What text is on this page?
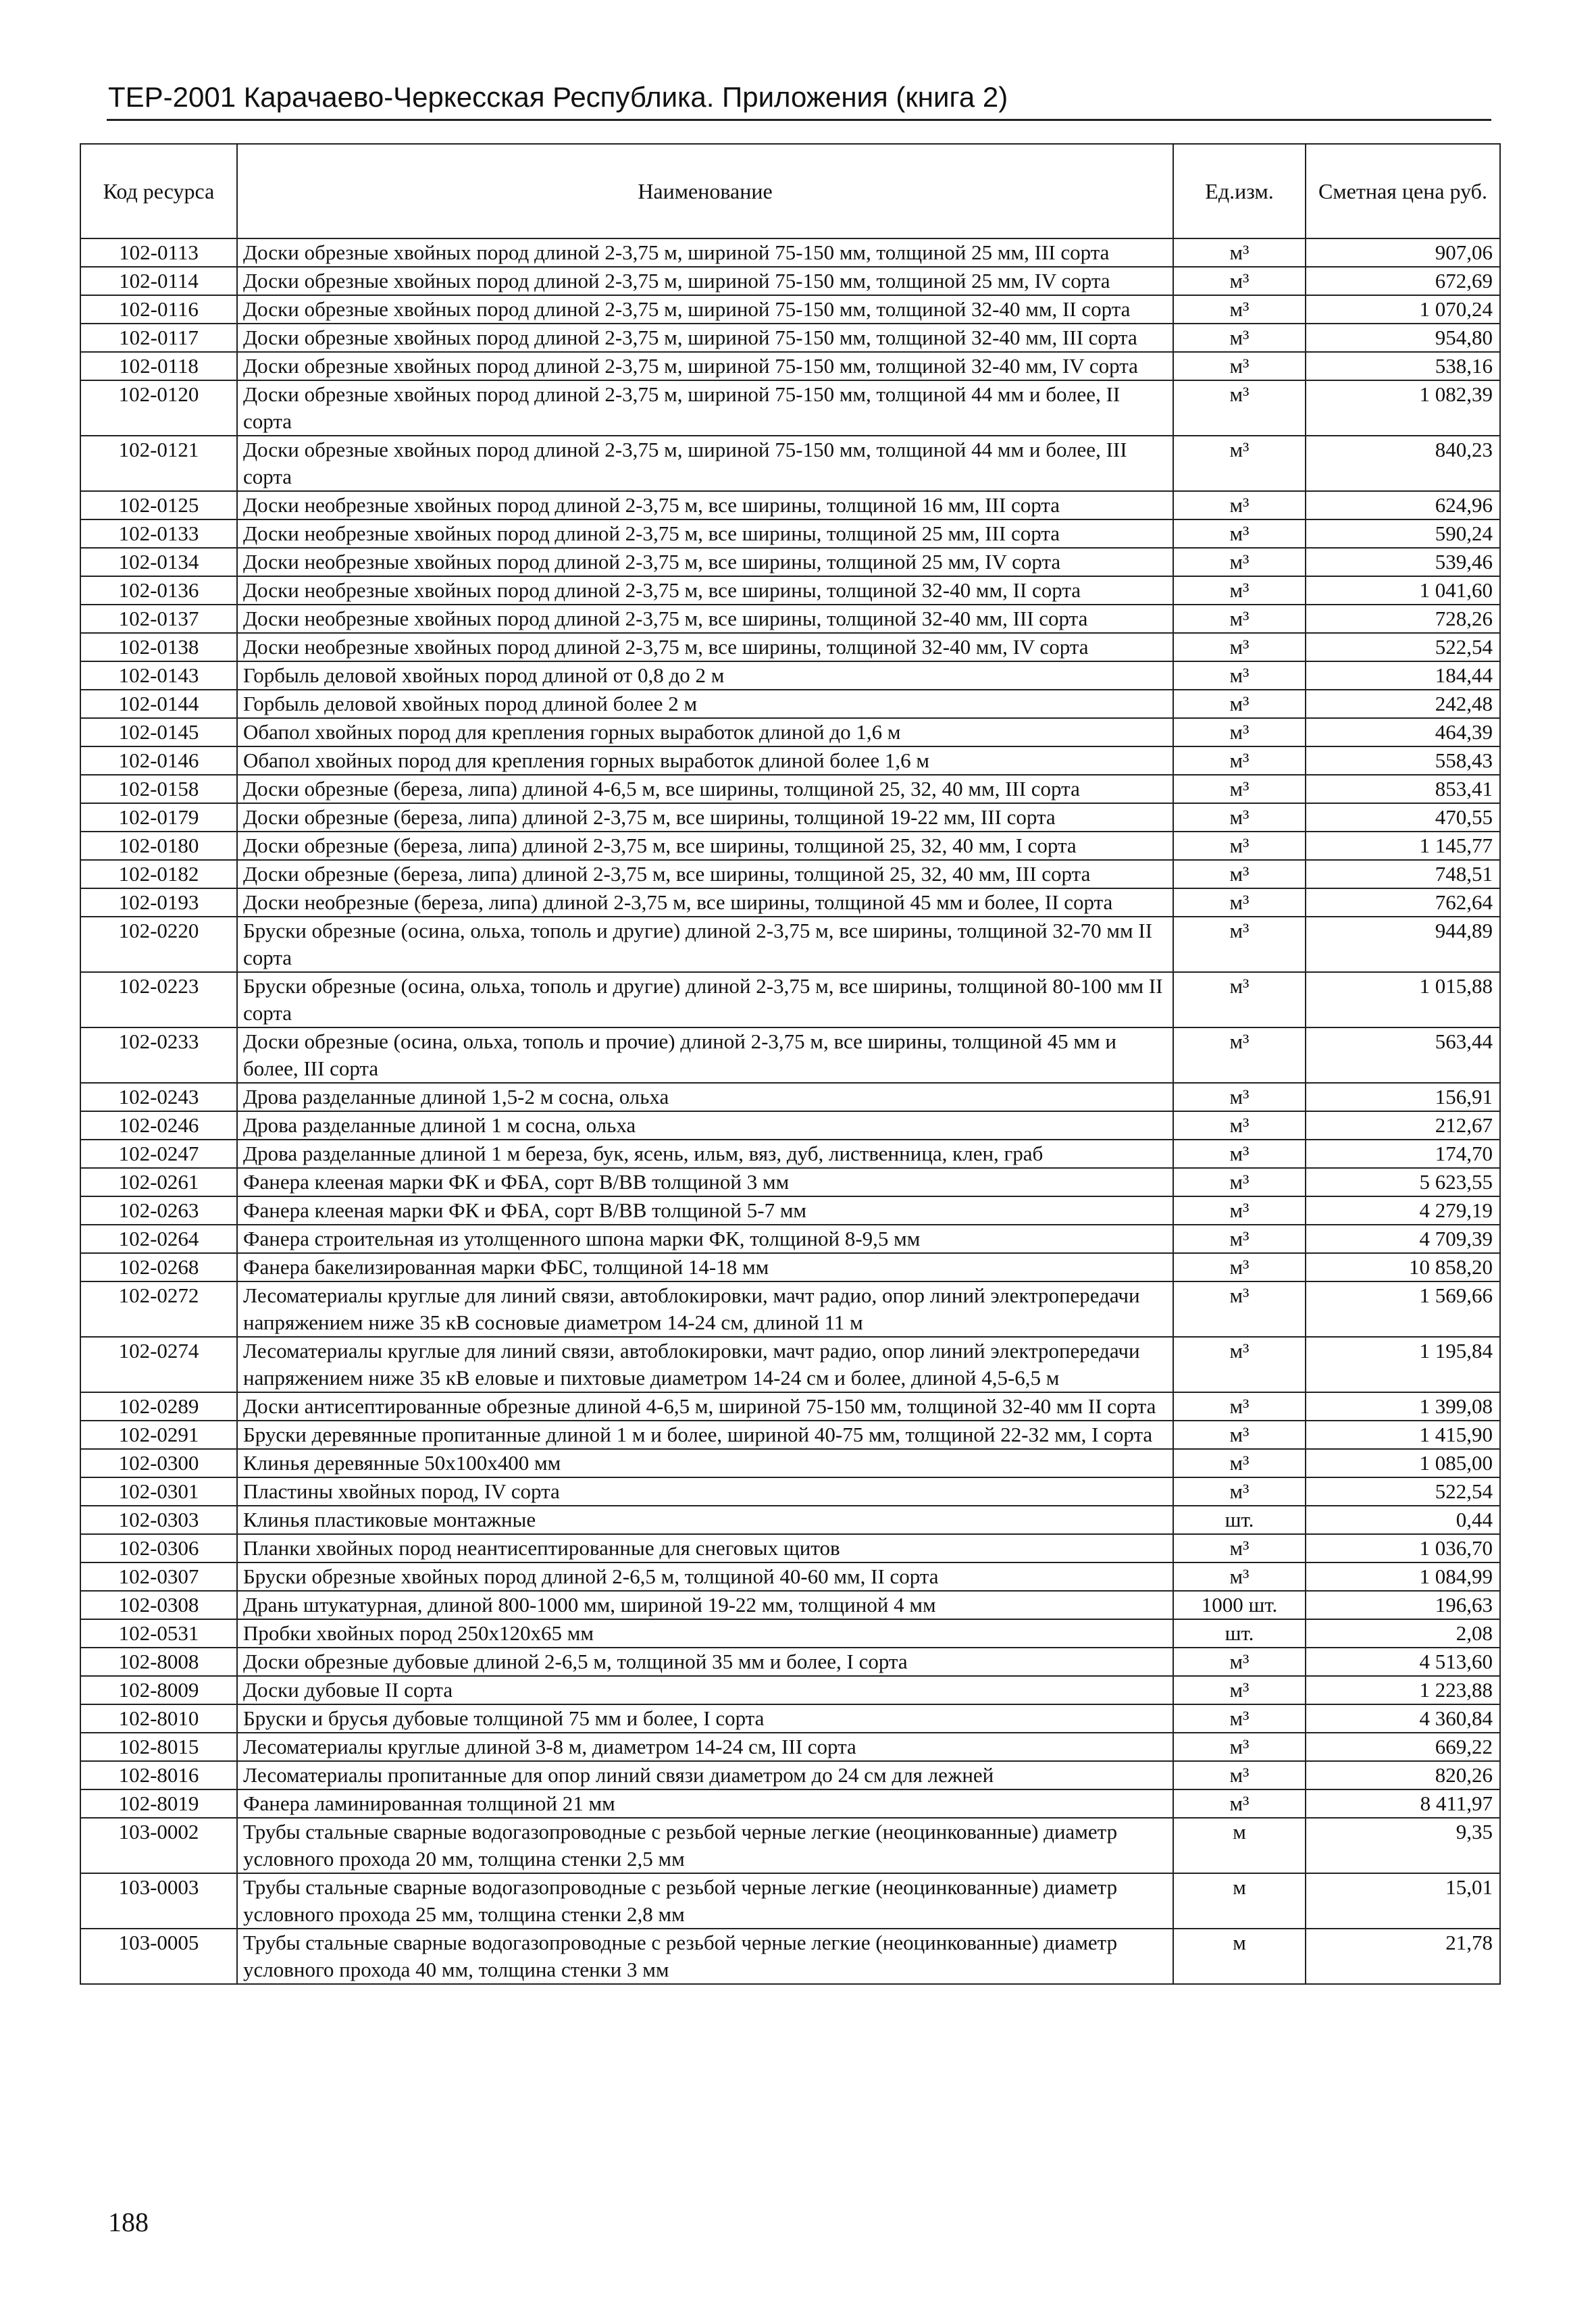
ТЕР-2001 Карачаево-Черкесская Республика. Приложения (книга 2)
Код ресурса	Наименование	Ед.изм.	Сметная цена руб.
102-0113	Доски обрезные хвойных пород длиной 2-3,75 м, шириной 75-150 мм, толщиной 25 мм, III сорта	м³	907,06
102-0114	Доски обрезные хвойных пород длиной 2-3,75 м, шириной 75-150 мм, толщиной 25 мм, IV сорта	м³	672,69
102-0116	Доски обрезные хвойных пород длиной 2-3,75 м, шириной 75-150 мм, толщиной 32-40 мм, II сорта	м³	1 070,24
102-0117	Доски обрезные хвойных пород длиной 2-3,75 м, шириной 75-150 мм, толщиной 32-40 мм, III сорта	м³	954,80
102-0118	Доски обрезные хвойных пород длиной 2-3,75 м, шириной 75-150 мм, толщиной 32-40 мм, IV сорта	м³	538,16
102-0120	Доски обрезные хвойных пород длиной 2-3,75 м, шириной 75-150 мм, толщиной 44 мм и более, II сорта	м³	1 082,39
102-0121	Доски обрезные хвойных пород длиной 2-3,75 м, шириной 75-150 мм, толщиной 44 мм и более, III сорта	м³	840,23
102-0125	Доски необрезные хвойных пород длиной 2-3,75 м, все ширины, толщиной 16 мм, III сорта	м³	624,96
102-0133	Доски необрезные хвойных пород длиной 2-3,75 м, все ширины, толщиной 25 мм, III сорта	м³	590,24
102-0134	Доски необрезные хвойных пород длиной 2-3,75 м, все ширины, толщиной 25 мм, IV сорта	м³	539,46
102-0136	Доски необрезные хвойных пород длиной 2-3,75 м, все ширины, толщиной 32-40 мм, II сорта	м³	1 041,60
102-0137	Доски необрезные хвойных пород длиной 2-3,75 м, все ширины, толщиной 32-40 мм, III сорта	м³	728,26
102-0138	Доски необрезные хвойных пород длиной 2-3,75 м, все ширины, толщиной 32-40 мм, IV сорта	м³	522,54
102-0143	Горбыль деловой хвойных пород длиной от 0,8 до 2 м	м³	184,44
102-0144	Горбыль деловой хвойных пород длиной более 2 м	м³	242,48
102-0145	Обапол хвойных пород для крепления горных выработок длиной до 1,6 м	м³	464,39
102-0146	Обапол хвойных пород для крепления горных выработок длиной более 1,6 м	м³	558,43
102-0158	Доски обрезные (береза, липа) длиной 4-6,5 м, все ширины, толщиной 25, 32, 40 мм, III сорта	м³	853,41
102-0179	Доски обрезные (береза, липа) длиной 2-3,75 м, все ширины, толщиной 19-22 мм, III сорта	м³	470,55
102-0180	Доски обрезные (береза, липа) длиной 2-3,75 м, все ширины, толщиной 25, 32, 40 мм, I сорта	м³	1 145,77
102-0182	Доски обрезные (береза, липа) длиной 2-3,75 м, все ширины, толщиной 25, 32, 40 мм, III сорта	м³	748,51
102-0193	Доски необрезные (береза, липа) длиной 2-3,75 м, все ширины, толщиной 45 мм и более, II сорта	м³	762,64
102-0220	Бруски обрезные (осина, ольха, тополь и другие) длиной 2-3,75 м, все ширины, толщиной 32-70 мм II сорта	м³	944,89
102-0223	Бруски обрезные (осина, ольха, тополь и другие) длиной 2-3,75 м, все ширины, толщиной 80-100 мм II сорта	м³	1 015,88
102-0233	Доски обрезные (осина, ольха, тополь и прочие) длиной 2-3,75 м, все ширины, толщиной 45 мм и более, III сорта	м³	563,44
102-0243	Дрова разделанные длиной 1,5-2 м сосна, ольха	м³	156,91
102-0246	Дрова разделанные длиной 1 м сосна, ольха	м³	212,67
102-0247	Дрова разделанные длиной 1 м береза, бук, ясень, ильм, вяз, дуб, лиственница, клен, граб	м³	174,70
102-0261	Фанера клееная марки ФК и ФБА, сорт В/ВВ толщиной 3 мм	м³	5 623,55
102-0263	Фанера клееная марки ФК и ФБА, сорт В/ВВ толщиной 5-7 мм	м³	4 279,19
102-0264	Фанера строительная из утолщенного шпона марки ФК, толщиной 8-9,5 мм	м³	4 709,39
102-0268	Фанера бакелизированная марки ФБС, толщиной 14-18 мм	м³	10 858,20
102-0272	Лесоматериалы круглые для линий связи, автоблокировки, мачт радио, опор линий электропередачи напряжением ниже 35 кВ сосновые диаметром 14-24 см, длиной 11 м	м³	1 569,66
102-0274	Лесоматериалы круглые для линий связи, автоблокировки, мачт радио, опор линий электропередачи напряжением ниже 35 кВ еловые и пихтовые диаметром 14-24 см и более, длиной 4,5-6,5 м	м³	1 195,84
102-0289	Доски антисептированные обрезные длиной 4-6,5 м, шириной 75-150 мм, толщиной 32-40 мм II сорта	м³	1 399,08
102-0291	Бруски деревянные пропитанные длиной 1 м и более, шириной 40-75 мм, толщиной 22-32 мм, I сорта	м³	1 415,90
102-0300	Клинья деревянные 50х100х400 мм	м³	1 085,00
102-0301	Пластины хвойных пород, IV сорта	м³	522,54
102-0303	Клинья пластиковые монтажные	шт.	0,44
102-0306	Планки хвойных пород неантисептированные для снеговых щитов	м³	1 036,70
102-0307	Бруски обрезные хвойных пород длиной 2-6,5 м, толщиной 40-60 мм, II сорта	м³	1 084,99
102-0308	Дрань штукатурная, длиной 800-1000 мм, шириной 19-22 мм, толщиной 4 мм	1000 шт.	196,63
102-0531	Пробки хвойных пород 250х120х65 мм	шт.	2,08
102-8008	Доски обрезные дубовые длиной 2-6,5 м, толщиной 35 мм и более, I сорта	м³	4 513,60
102-8009	Доски дубовые II сорта	м³	1 223,88
102-8010	Бруски и брусья дубовые толщиной 75 мм и более, I сорта	м³	4 360,84
102-8015	Лесоматериалы круглые длиной 3-8 м, диаметром 14-24 см, III сорта	м³	669,22
102-8016	Лесоматериалы пропитанные для опор линий связи диаметром до 24 см для лежней	м³	820,26
102-8019	Фанера ламинированная толщиной 21 мм	м³	8 411,97
103-0002	Трубы стальные сварные водогазопроводные с резьбой черные легкие (неоцинкованные) диаметр условного прохода 20 мм, толщина стенки 2,5 мм	м	9,35
103-0003	Трубы стальные сварные водогазопроводные с резьбой черные легкие (неоцинкованные) диаметр условного прохода 25 мм, толщина стенки 2,8 мм	м	15,01
103-0005	Трубы стальные сварные водогазопроводные с резьбой черные легкие (неоцинкованные) диаметр условного прохода 40 мм, толщина стенки 3 мм	м	21,78
188
